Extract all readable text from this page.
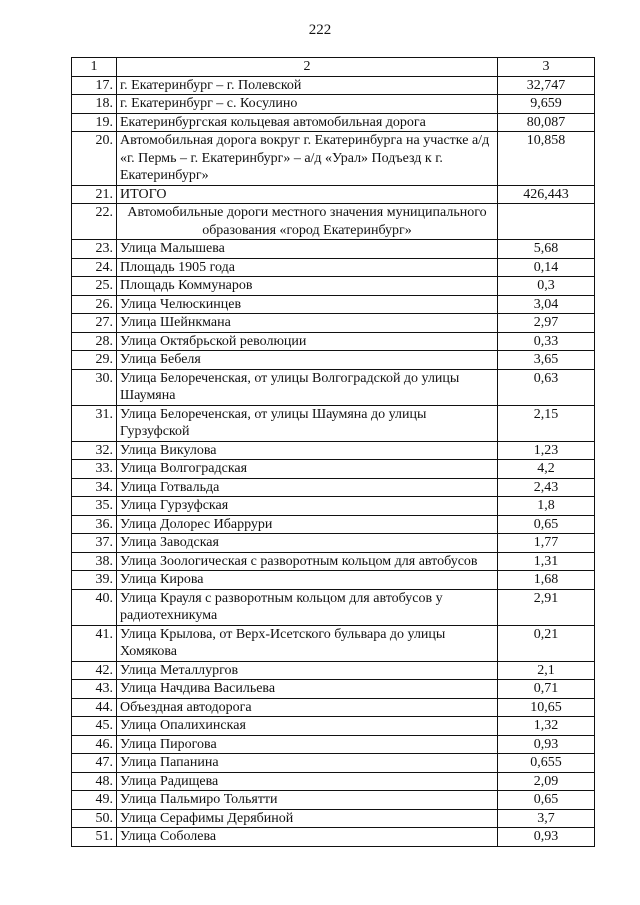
222
1	2	3
17.	г. Екатеринбург – г. Полевской	32,747
18.	г. Екатеринбург – с. Косулино	9,659
19.	Екатеринбургская кольцевая автомобильная дорога	80,087
20.	Автомобильная дорога вокруг г. Екатеринбурга на участке а/д «г. Пермь – г. Екатеринбург» – а/д «Урал» Подъезд к г. Екатеринбург»	10,858
21.	ИТОГО	426,443
22.	Автомобильные дороги местного значения муниципального образования «город Екатеринбург»	
23.	Улица Малышева	5,68
24.	Площадь 1905 года	0,14
25.	Площадь Коммунаров	0,3
26.	Улица Челюскинцев	3,04
27.	Улица Шейнкмана	2,97
28.	Улица Октябрьской революции	0,33
29.	Улица Бебеля	3,65
30.	Улица Белореченская, от улицы Волгоградской до улицы Шаумяна	0,63
31.	Улица Белореченская, от улицы Шаумяна до улицы Гурзуфской	2,15
32.	Улица Викулова	1,23
33.	Улица Волгоградская	4,2
34.	Улица Готвальда	2,43
35.	Улица Гурзуфская	1,8
36.	Улица Долорес Ибаррури	0,65
37.	Улица Заводская	1,77
38.	Улица Зоологическая с разворотным кольцом для автобусов	1,31
39.	Улица Кирова	1,68
40.	Улица Крауля с разворотным кольцом для автобусов у радиотехникума	2,91
41.	Улица Крылова, от Верх-Исетского бульвара до улицы Хомякова	0,21
42.	Улица Металлургов	2,1
43.	Улица Начдива Васильева	0,71
44.	Объездная автодорога	10,65
45.	Улица Опалихинская	1,32
46.	Улица Пирогова	0,93
47.	Улица Папанина	0,655
48.	Улица Радищева	2,09
49.	Улица Пальмиро Тольятти	0,65
50.	Улица Серафимы Дерябиной	3,7
51.	Улица Соболева	0,93
